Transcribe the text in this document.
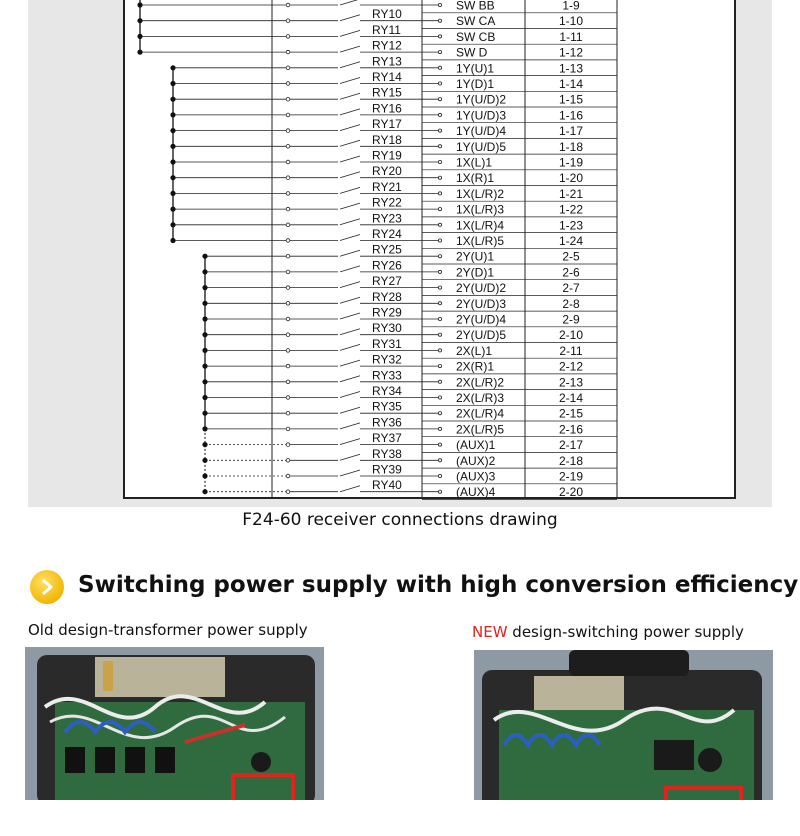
SW BB	1-9
RY10	SW CA	1-10
RY11	SW CB	1-11
RY12	SW D	1-12
RY13	1Y(U)1	1-13
RY14	1Y(D)1	1-14
RY15	1Y(U/D)2	1-15
RY16	1Y(U/D)3	1-16
RY17	1Y(U/D)4	1-17
RY18	1Y(U/D)5	1-18
RY19	1X(L)1	1-19
RY20	1X(R)1	1-20
RY21	1X(L/R)2	1-21
RY22	1X(L/R)3	1-22
RY23	1X(L/R)4	1-23
RY24	1X(L/R)5	1-24
RY25	2Y(U)1	2-5
RY26	2Y(D)1	2-6
RY27	2Y(U/D)2	2-7
RY28	2Y(U/D)3	2-8
RY29	2Y(U/D)4	2-9
RY30	2Y(U/D)5	2-10
RY31	2X(L)1	2-11
RY32	2X(R)1	2-12
RY33	2X(L/R)2	2-13
RY34	2X(L/R)3	2-14
RY35	2X(L/R)4	2-15
RY36	2X(L/R)5	2-16
RY37	(AUX)1	2-17
RY38	(AUX)2	2-18
RY39	(AUX)3	2-19
RY40	(AUX)4	2-20
F24-60 receiver connections drawing
Switching power supply with high conversion efficiency
Old design-transformer power supply	NEW design-switching power supply
